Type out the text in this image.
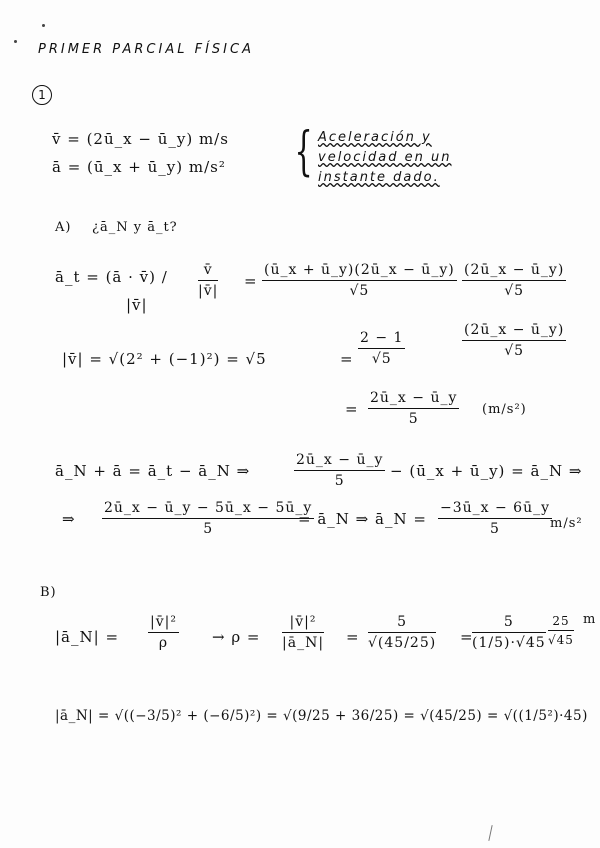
PRIMER PARCIAL FÍSICA
1
v̄ = (2ū_x − ū_y) m/s
ā = (ū_x + ū_y) m/s² { Aceleración y
velocidad en un
instante dado.
A) ¿ā_N y ā_t?
ā_t = (ā · v̄) /
|v̄|
$\frac{v̄}{|v̄|} = \frac{(ū\_x + ū\_y)(2ū\_x - ū\_y)}{√5} \frac{(2ū\_x - ū\_y)}{√5}$
|v̄| = √(2² + (−1)²) = √5	= $\frac{2 - 1}{√5}$	$\frac{(2ū\_x - ū\_y)}{√5}$
= $\frac{2ū\_x - ū\_y}{5} (m/s^2)$
ā_N + ā = ā_t − ā_N ⇒	$\frac{2ū\_x - ū\_y}{5}$ − (ū_x + ū_y) = ā_N ⇒
⇒ $\frac{2ū\_x - ū\_y - 5ū\_x - 5ū\_y}{5}$
= ā_N ⇒ ā_N = $\frac{-3ū\_x - 6ū\_y}{5}$
m/s²
B)
|ā_N| = $\frac{\text{|v̄|²}}{\rho} \to \rho = \frac{\text{|v̄|²}}{|ā\_N|} = \frac{5}{√(45/25)}$ =
$\frac{5}{(1/5)\cdot√45} \frac{25}{√45}$ m
|ā_N| = √((−3/5)² + (−6/5)²) = √(9/25 + 36/25) = √(45/25) = √((1/5²)·45)
